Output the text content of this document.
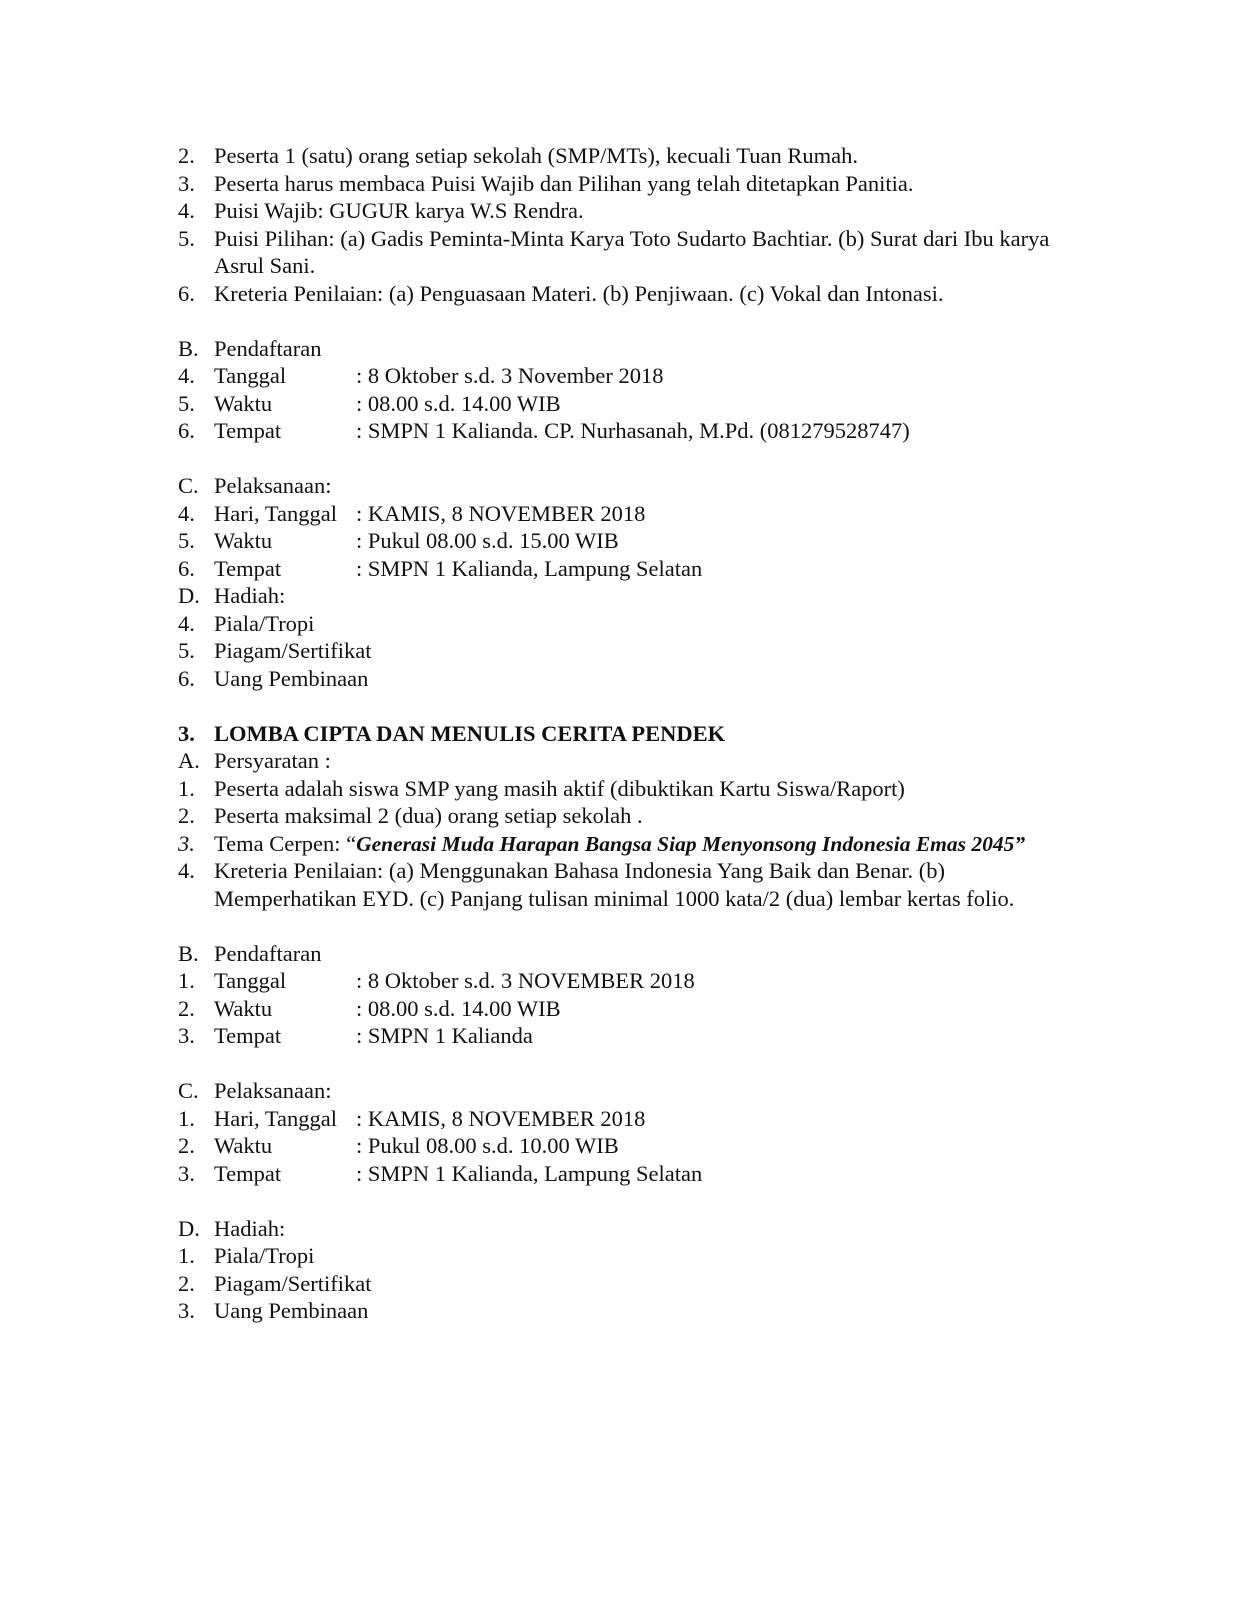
2. Peserta 1 (satu) orang setiap sekolah (SMP/MTs), kecuali Tuan Rumah.
3. Peserta harus membaca Puisi Wajib dan Pilihan yang telah ditetapkan Panitia.
4. Puisi Wajib: GUGUR karya W.S Rendra.
5. Puisi Pilihan: (a) Gadis Peminta-Minta Karya Toto Sudarto Bachtiar. (b) Surat dari Ibu karya Asrul Sani.
6. Kreteria Penilaian: (a) Penguasaan Materi. (b) Penjiwaan. (c) Vokal dan Intonasi.
B. Pendaftaran
4. Tanggal	: 8 Oktober s.d. 3 November 2018
5. Waktu	: 08.00 s.d. 14.00 WIB
6. Tempat	: SMPN 1 Kalianda. CP. Nurhasanah, M.Pd. (081279528747)
C. Pelaksanaan:
4. Hari, Tanggal : KAMIS, 8 NOVEMBER 2018
5. Waktu	: Pukul 08.00 s.d. 15.00 WIB
6. Tempat	: SMPN 1 Kalianda, Lampung Selatan
D. Hadiah:
4. Piala/Tropi
5. Piagam/Sertifikat
6. Uang Pembinaan
3. LOMBA CIPTA DAN MENULIS CERITA PENDEK
A. Persyaratan :
1. Peserta adalah siswa SMP yang masih aktif (dibuktikan Kartu Siswa/Raport)
2. Peserta maksimal 2 (dua) orang setiap sekolah .
3. Tema Cerpen: “Generasi Muda Harapan Bangsa Siap Menyonsong Indonesia Emas 2045”
4. Kreteria Penilaian: (a) Menggunakan Bahasa Indonesia Yang Baik dan Benar. (b) Memperhatikan EYD. (c) Panjang tulisan minimal 1000 kata/2 (dua) lembar kertas folio.
B. Pendaftaran
1. Tanggal	: 8 Oktober s.d. 3 NOVEMBER 2018
2. Waktu	: 08.00 s.d. 14.00 WIB
3. Tempat	: SMPN 1 Kalianda
C. Pelaksanaan:
1. Hari, Tanggal : KAMIS, 8 NOVEMBER 2018
2. Waktu	: Pukul 08.00 s.d. 10.00 WIB
3. Tempat	: SMPN 1 Kalianda, Lampung Selatan
D. Hadiah:
1. Piala/Tropi
2. Piagam/Sertifikat
3. Uang Pembinaan
